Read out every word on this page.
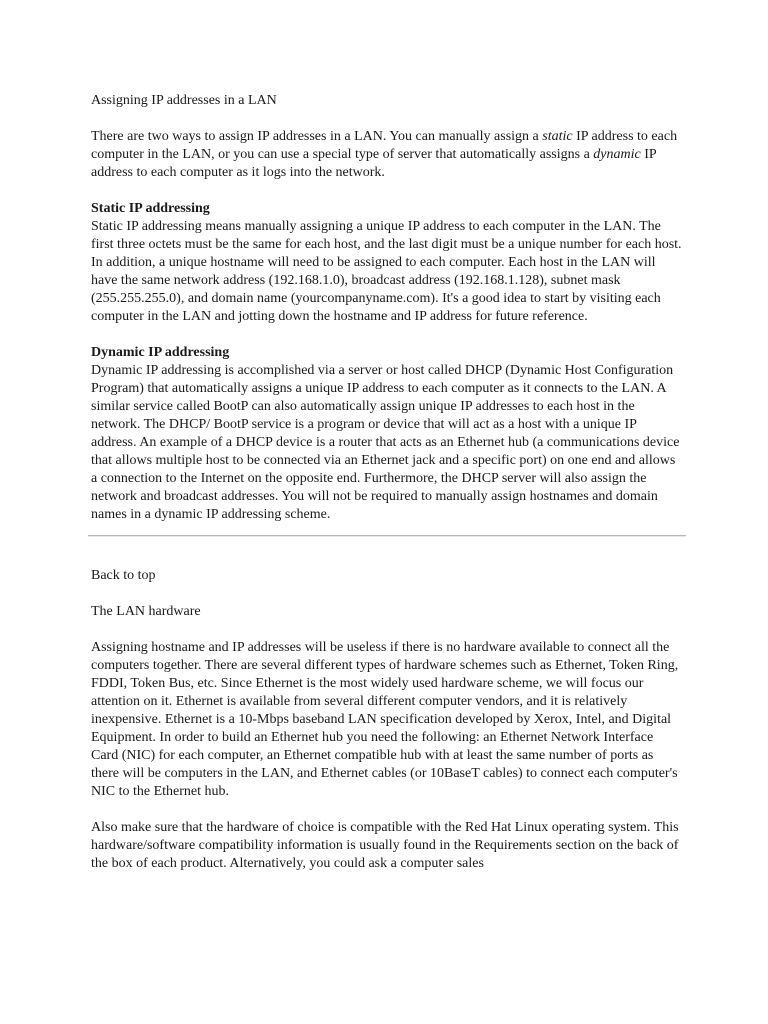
Assigning IP addresses in a LAN

There are two ways to assign IP addresses in a LAN. You can manually assign a static IP address to each computer in the LAN, or you can use a special type of server that automatically assigns a dynamic IP address to each computer as it logs into the network.

Static IP addressing
Static IP addressing means manually assigning a unique IP address to each computer in the LAN. The first three octets must be the same for each host, and the last digit must be a unique number for each host. In addition, a unique hostname will need to be assigned to each computer. Each host in the LAN will have the same network address (192.168.1.0), broadcast address (192.168.1.128), subnet mask (255.255.255.0), and domain name (yourcompanyname.com). It's a good idea to start by visiting each computer in the LAN and jotting down the hostname and IP address for future reference.
Dynamic IP addressing
Dynamic IP addressing is accomplished via a server or host called DHCP (Dynamic Host Configuration Program) that automatically assigns a unique IP address to each computer as it connects to the LAN. A similar service called BootP can also automatically assign unique IP addresses to each host in the network. The DHCP/ BootP service is a program or device that will act as a host with a unique IP address. An example of a DHCP device is a router that acts as an Ethernet hub (a communications device that allows multiple host to be connected via an Ethernet jack and a specific port) on one end and allows a connection to the Internet on the opposite end. Furthermore, the DHCP server will also assign the network and broadcast addresses. You will not be required to manually assign hostnames and domain names in a dynamic IP addressing scheme.

Back to top

The LAN hardware

Assigning hostname and IP addresses will be useless if there is no hardware available to connect all the computers together. There are several different types of hardware schemes such as Ethernet, Token Ring, FDDI, Token Bus, etc. Since Ethernet is the most widely used hardware scheme, we will focus our attention on it. Ethernet is available from several different computer vendors, and it is relatively inexpensive. Ethernet is a 10-Mbps baseband LAN specification developed by Xerox, Intel, and Digital Equipment. In order to build an Ethernet hub you need the following: an Ethernet Network Interface Card (NIC) for each computer, an Ethernet compatible hub with at least the same number of ports as there will be computers in the LAN, and Ethernet cables (or 10BaseT cables) to connect each computer's NIC to the Ethernet hub.

Also make sure that the hardware of choice is compatible with the Red Hat Linux operating system. This hardware/software compatibility information is usually found in the Requirements section on the back of the box of each product. Alternatively, you could ask a computer sales
